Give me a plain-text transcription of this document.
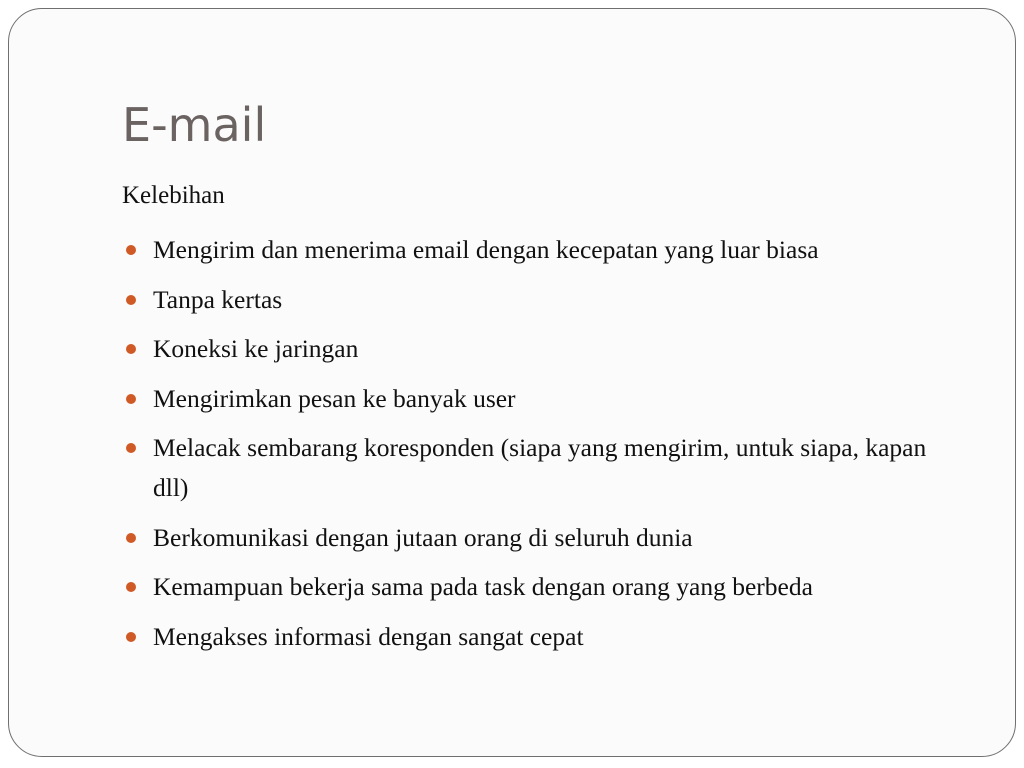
E-mail

Kelebihan

Mengirim dan menerima email dengan kecepatan yang luar biasa
Tanpa kertas
Koneksi ke jaringan
Mengirimkan pesan ke banyak user
Melacak sembarang koresponden (siapa yang mengirim, untuk siapa, kapan dll)
Berkomunikasi dengan jutaan orang di seluruh dunia
Kemampuan bekerja sama pada task dengan orang yang berbeda
Mengakses informasi dengan sangat cepat
